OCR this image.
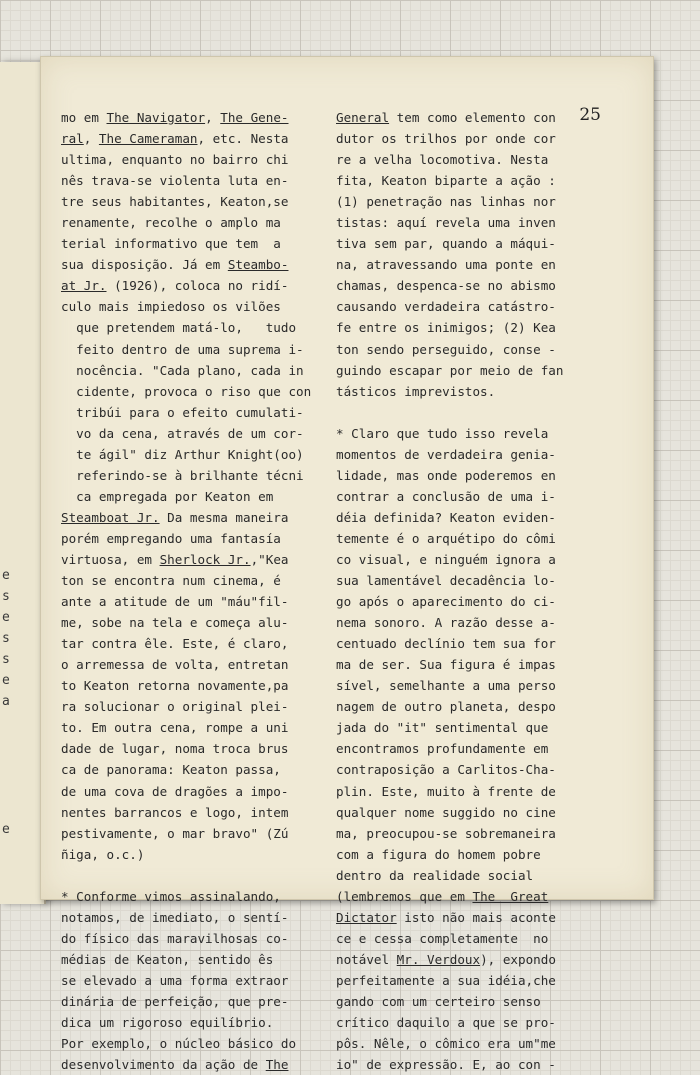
e
s
e
s
s
e
a
e
25
mo em The Navigator, The Gene-
ral, The Cameraman, etc. Nesta
ultima, enquanto no bairro chi
nês trava-se violenta luta en-
tre seus habitantes, Keaton,se
renamente, recolhe o amplo ma
terial informativo que tem  a
sua disposição. Já em Steambo-
at Jr. (1926), coloca no ridí-
culo mais impiedoso os vilões
que pretendem matá-lo,   tudo
feito dentro de uma suprema i-
nocência. "Cada plano, cada in
cidente, provoca o riso que con
tribúi para o efeito cumulati-
vo da cena, através de um cor-
te ágil" diz Arthur Knight(oo)
referindo-se à brilhante técni
ca empregada por Keaton em
Steamboat Jr. Da mesma maneira
porém empregando uma fantasía
virtuosa, em Sherlock Jr.,"Kea
ton se encontra num cinema, é
ante a atitude de um "máu"fil-
me, sobe na tela e começa alu-
tar contra êle. Este, é claro,
o arremessa de volta, entretan
to Keaton retorna novamente,pa
ra solucionar o original plei-
to. Em outra cena, rompe a uni
dade de lugar, noma troca brus
ca de panorama: Keaton passa,
de uma cova de dragões a impo-
nentes barrancos e logo, intem
pestivamente, o mar bravo" (Zú
ñiga, o.c.)

* Conforme vimos assinalando,
notamos, de imediato, o sentí-
do físico das maravilhosas co-
médias de Keaton, sentido ês
se elevado a uma forma extraor
dinária de perfeição, que pre-
dica um rigoroso equilíbrio.
Por exemplo, o núcleo básico do
desenvolvimento da ação de The
General tem como elemento con
dutor os trilhos por onde cor
re a velha locomotiva. Nesta
fita, Keaton biparte a ação :
(1) penetração nas linhas nor
tistas: aquí revela uma inven
tiva sem par, quando a máqui-
na, atravessando uma ponte en
chamas, despenca-se no abismo
causando verdadeira catástro-
fe entre os inimigos; (2) Kea
ton sendo perseguido, conse -
guindo escapar por meio de fan
tásticos imprevistos.

* Claro que tudo isso revela
momentos de verdadeira genia-
lidade, mas onde poderemos en
contrar a conclusão de uma i-
déia definida? Keaton eviden-
temente é o arquétipo do cômi
co visual, e ninguém ignora a
sua lamentável decadência lo-
go após o aparecimento do ci-
nema sonoro. A razão desse a-
centuado declínio tem sua for
ma de ser. Sua figura é impas
sível, semelhante a uma perso
nagem de outro planeta, despo
jada do "it" sentimental que
encontramos profundamente em
contraposição a Carlitos-Cha-
plin. Este, muito à frente de
qualquer nome suggido no cine
ma, preocupou-se sobremaneira
com a figura do homem pobre
dentro da realidade social
(lembremos que em The  Great
Dictator isto não mais aconte
ce e cessa completamente  no
notável Mr. Verdoux), expondo
perfeitamente a sua idéia,che
gando com um certeiro senso
crítico daquilo a que se pro-
pôs. Nêle, o cômico era um"me
io" de expressão. E, ao con -
